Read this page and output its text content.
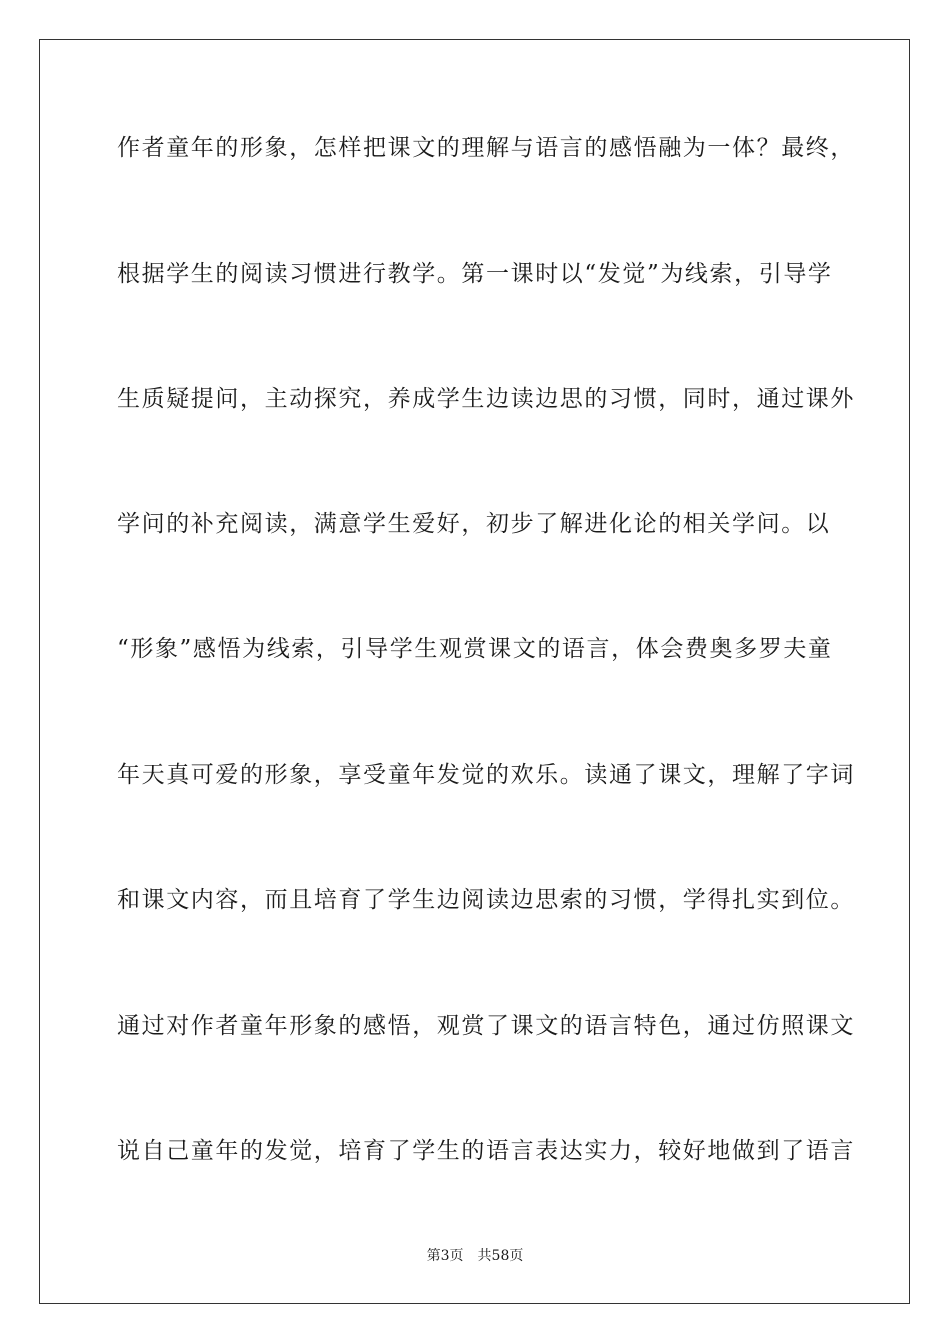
作者童年的形象，怎样把课文的理解与语言的感悟融为一体？最终，
根据学生的阅读习惯进行教学。第一课时以“发觉”为线索，引导学
生质疑提问，主动探究，养成学生边读边思的习惯，同时，通过课外
学问的补充阅读，满意学生爱好，初步了解进化论的相关学问。以
“形象”感悟为线索，引导学生观赏课文的语言，体会费奥多罗夫童
年天真可爱的形象，享受童年发觉的欢乐。读通了课文，理解了字词
和课文内容，而且培育了学生边阅读边思索的习惯，学得扎实到位。
通过对作者童年形象的感悟，观赏了课文的语言特色，通过仿照课文
说自己童年的发觉，培育了学生的语言表达实力，较好地做到了语言
第3页 共58页
